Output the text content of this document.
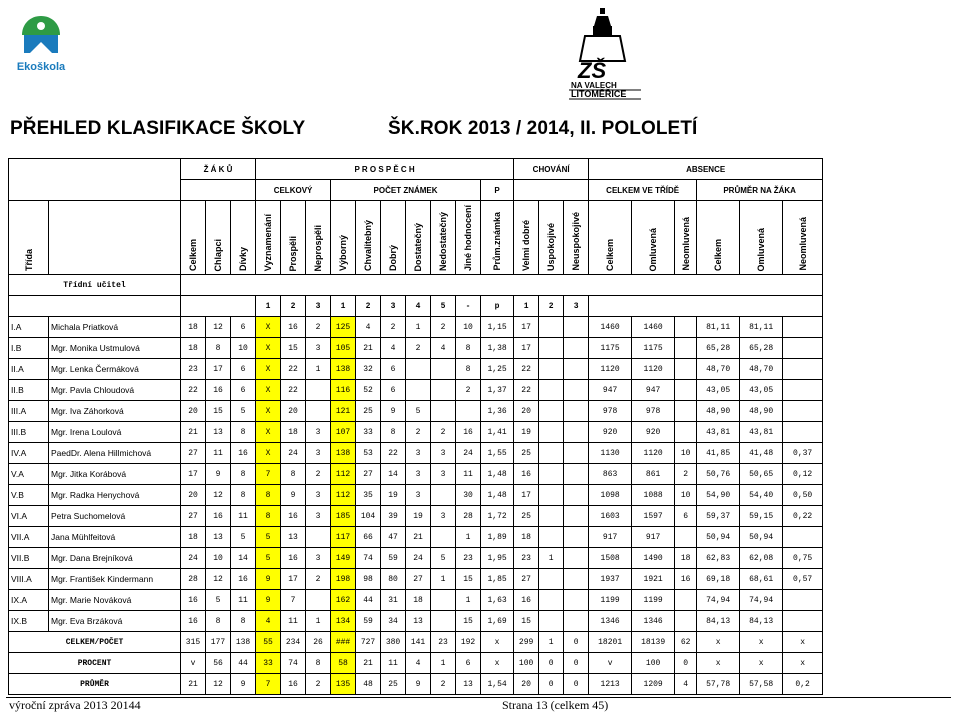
Ekoškola	ZŠ
NA VALECH
LITOMĚŘICE
PŘEHLED KLASIFIKACE ŠKOLY	ŠK.ROK 2013 / 2014, II. POLOLETÍ
		Ž Á K Ů			P R O S P Ě C H										CHOVÁNÍ			ABSENCE					
					CELKOVÝ			POČET ZNÁMEK						P				CELKEM VE TŘÍDĚ			PRŮMĚR NA ŽÁKA		
Třída		Celkem	Chlapci	Dívky	Vyznamenání	Prospěli	Neprospěli	Výborný	Chvalitebný	Dobrý	Dostatečný	Nedostatečný	Jiné hodnocení	Prům.známka	Velmi dobré	Uspokojivé	Neuspokojivé	Celkem	Omluvená	Neomluvená	Celkem	Omluvená	Neomluvená
Třídní učitel																							
					1	2	3	1	2	3	4	5	-	p	1	2	3						
I.A	Michala Priatková	18	12	6	X	16	2	125	4	2	1	2	10	1,15	17			1460	1460		81,11	81,11	
I.B	Mgr. Monika Ustmulová	18	8	10	X	15	3	105	21	4	2	4	8	1,38	17			1175	1175		65,28	65,28	
II.A	Mgr. Lenka Čermáková	23	17	6	X	22	1	138	32	6			8	1,25	22			1120	1120		48,70	48,70	
II.B	Mgr. Pavla Chloudová	22	16	6	X	22		116	52	6			2	1,37	22			947	947		43,05	43,05	
III.A	Mgr. Iva Záhorková	20	15	5	X	20		121	25	9	5			1,36	20			978	978		48,90	48,90	
III.B	Mgr. Irena Loulová	21	13	8	X	18	3	107	33	8	2	2	16	1,41	19			920	920		43,81	43,81	
IV.A	PaedDr. Alena Hillmichová	27	11	16	X	24	3	138	53	22	3	3	24	1,55	25			1130	1120	10	41,85	41,48	0,37
V.A	Mgr. Jitka Korábová	17	9	8	7	8	2	112	27	14	3	3	11	1,48	16			863	861	2	50,76	50,65	0,12
V.B	Mgr. Radka Henychová	20	12	8	8	9	3	112	35	19	3		30	1,48	17			1098	1088	10	54,90	54,40	0,50
VI.A	Petra Suchomelová	27	16	11	8	16	3	185	104	39	19	3	28	1,72	25			1603	1597	6	59,37	59,15	0,22
VII.A	Jana Mühlfeitová	18	13	5	5	13		117	66	47	21		1	1,89	18			917	917		50,94	50,94	
VII.B	Mgr. Dana Brejníková	24	10	14	5	16	3	149	74	59	24	5	23	1,95	23	1		1508	1490	18	62,83	62,08	0,75
VIII.A	Mgr. František Kindermann	28	12	16	9	17	2	198	98	80	27	1	15	1,85	27			1937	1921	16	69,18	68,61	0,57
IX.A	Mgr. Marie Nováková	16	5	11	9	7		162	44	31	18		1	1,63	16			1199	1199		74,94	74,94	
IX.B	Mgr. Eva Brzáková	16	8	8	4	11	1	134	59	34	13		15	1,69	15			1346	1346		84,13	84,13	
CELKEM/POČET		315	177	138	55	234	26	###	727	380	141	23	192	x	299	1	0	18201	18139	62	x	x	x
PROCENT		v	56	44	33	74	8	58	21	11	4	1	6	x	100	0	0	v	100	0	x	x	x
PRŮMĚR		21	12	9	7	16	2	135	48	25	9	2	13	1,54	20	0	0	1213	1209	4	57,78	57,58	0,2
výroční zpráva 2013 20144	Strana 13 (celkem 45)
